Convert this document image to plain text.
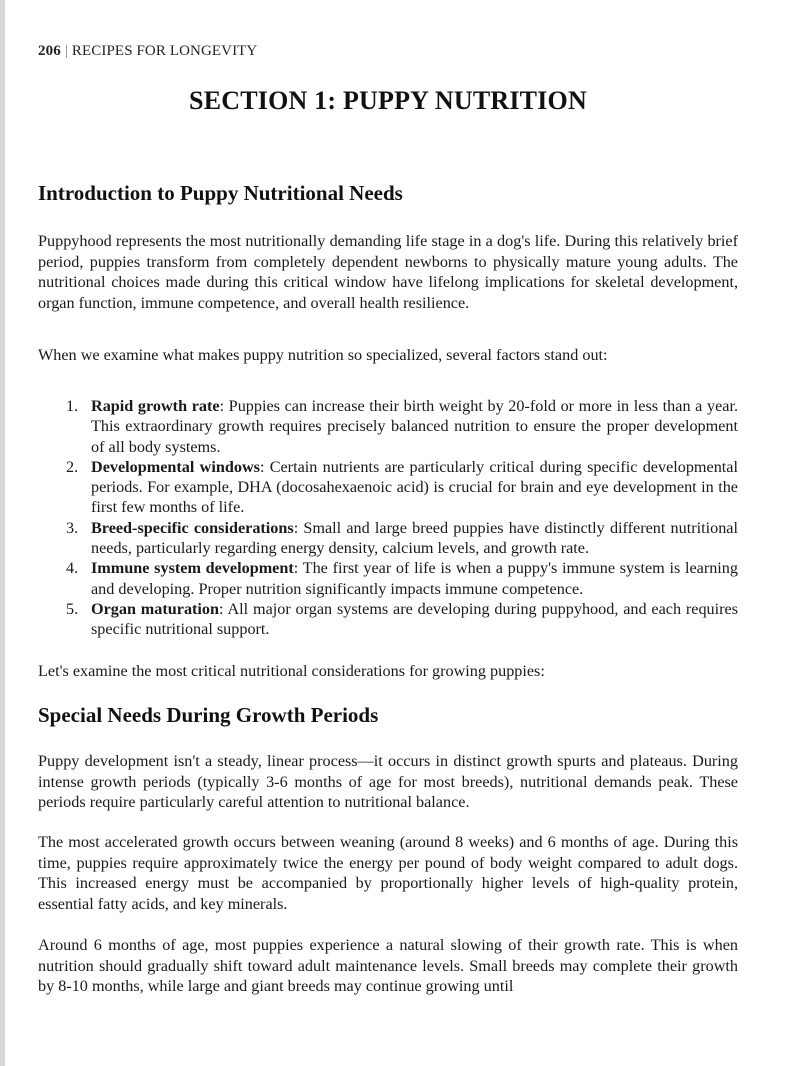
206 | RECIPES FOR LONGEVITY
SECTION 1: PUPPY NUTRITION
Introduction to Puppy Nutritional Needs

Puppyhood represents the most nutritionally demanding life stage in a dog's life. During this relatively brief period, puppies transform from completely dependent newborns to physically mature young adults. The nutritional choices made during this critical window have lifelong implications for skeletal development, organ function, immune competence, and overall health resilience.

When we examine what makes puppy nutrition so specialized, several factors stand out:

1. Rapid growth rate: Puppies can increase their birth weight by 20-fold or more in less than a year. This extraordinary growth requires precisely balanced nutrition to ensure the proper development of all body systems.
2. Developmental windows: Certain nutrients are particularly critical during specific developmental periods. For example, DHA (docosahexaenoic acid) is crucial for brain and eye development in the first few months of life.
3. Breed-specific considerations: Small and large breed puppies have distinctly different nutritional needs, particularly regarding energy density, calcium levels, and growth rate.
4. Immune system development: The first year of life is when a puppy's immune system is learning and developing. Proper nutrition significantly impacts immune competence.
5. Organ maturation: All major organ systems are developing during puppyhood, and each requires specific nutritional support.

Let's examine the most critical nutritional considerations for growing puppies:

Special Needs During Growth Periods

Puppy development isn't a steady, linear process—it occurs in distinct growth spurts and plateaus. During intense growth periods (typically 3-6 months of age for most breeds), nutritional demands peak. These periods require particularly careful attention to nutritional balance.

The most accelerated growth occurs between weaning (around 8 weeks) and 6 months of age. During this time, puppies require approximately twice the energy per pound of body weight compared to adult dogs. This increased energy must be accompanied by proportionally higher levels of high-quality protein, essential fatty acids, and key minerals.

Around 6 months of age, most puppies experience a natural slowing of their growth rate. This is when nutrition should gradually shift toward adult maintenance levels. Small breeds may complete their growth by 8-10 months, while large and giant breeds may continue growing until
